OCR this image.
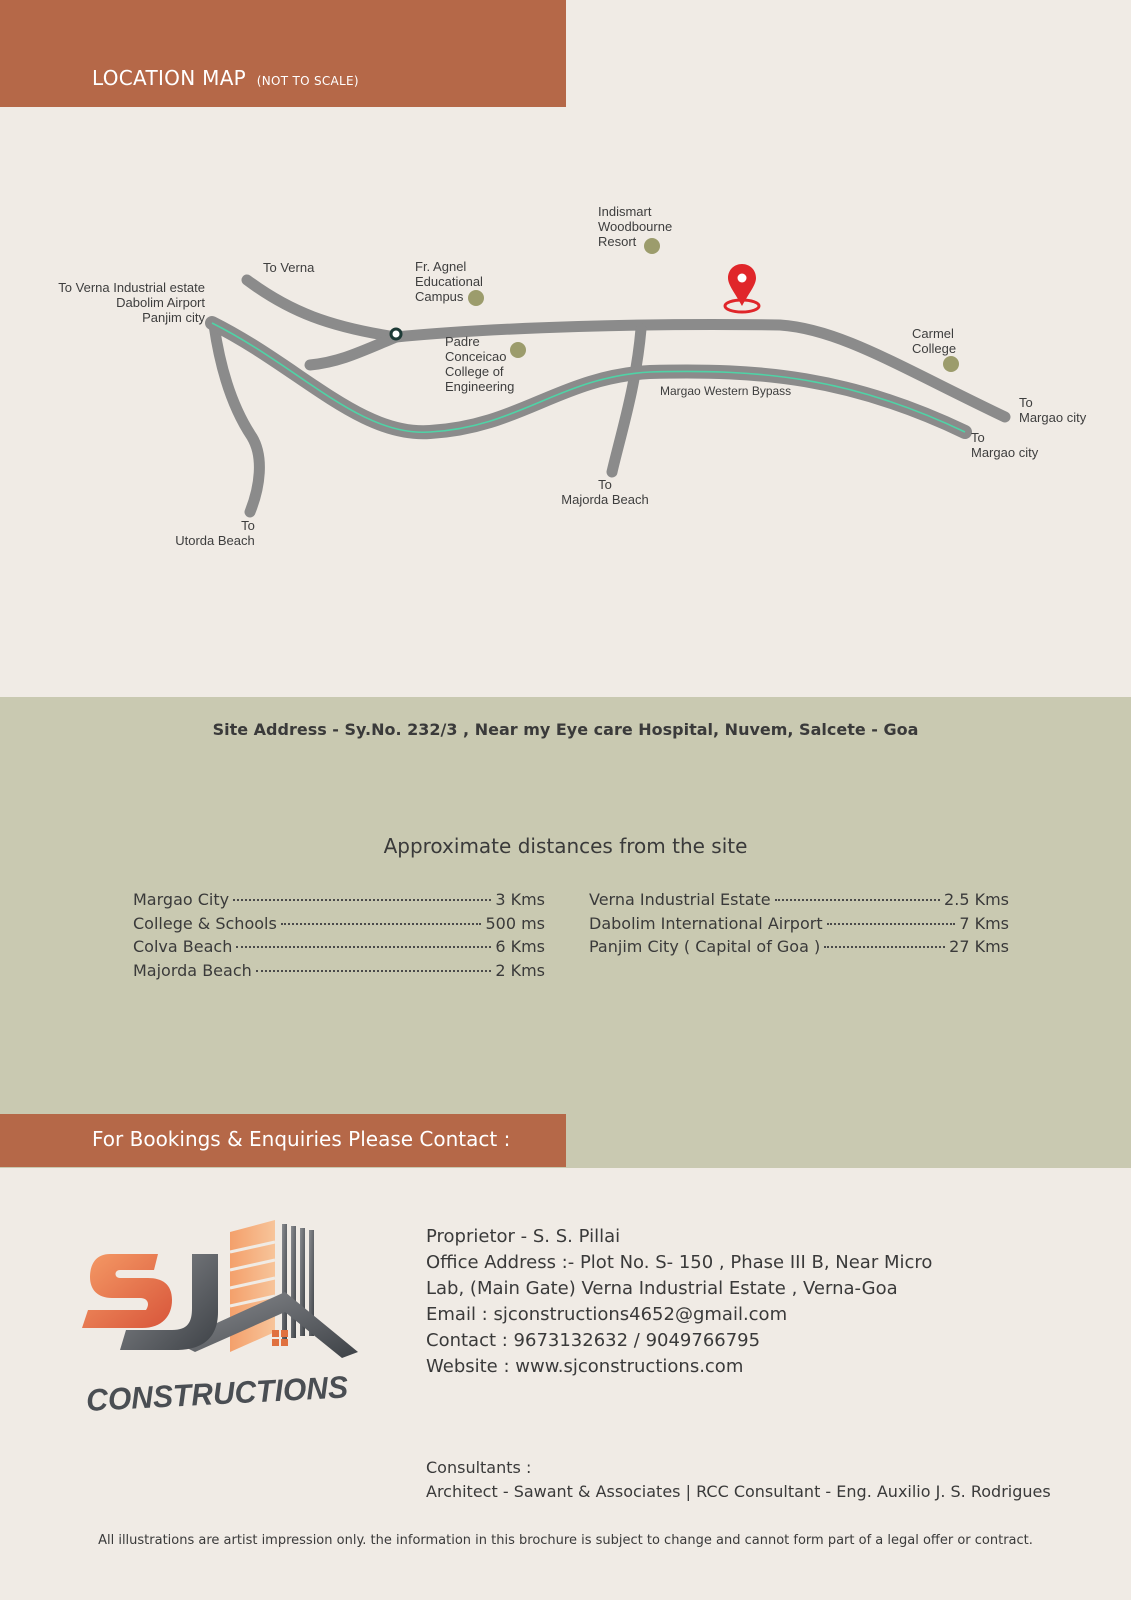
LOCATION MAP (NOT TO SCALE)
To Verna
To Verna Industrial estate
Dabolim Airport
Panjim city
Fr. Agnel
Educational
Campus
Indismart
Woodbourne
Resort
Padre
Conceicao
College of
Engineering
Carmel
College
Margao Western Bypass
To
Margao city
To
Margao city
To
Majorda Beach
To
Utorda Beach
Site Address - Sy.No. 232/3 , Near my Eye care Hospital, Nuvem, Salcete - Goa
Approximate distances from the site
Margao City	3 Kms
College & Schools	500 ms
Colva Beach	6 Kms
Majorda Beach	2 Kms
Verna Industrial Estate	2.5 Kms
Dabolim International Airport	7 Kms
Panjim City ( Capital of Goa )	27 Kms
For Bookings & Enquiries Please Contact :
CONSTRUCTIONS
Proprietor - S. S. Pillai
Office Address :- Plot No. S- 150 , Phase III B, Near Micro
Lab, (Main Gate) Verna Industrial Estate , Verna-Goa
Email : sjconstructions4652@gmail.com
Contact : 9673132632 / 9049766795
Website : www.sjconstructions.com
Consultants :
Architect - Sawant & Associates | RCC Consultant - Eng. Auxilio J. S. Rodrigues
All illustrations are artist impression only. the information in this brochure is subject to change and cannot form part of a legal offer or contract.
